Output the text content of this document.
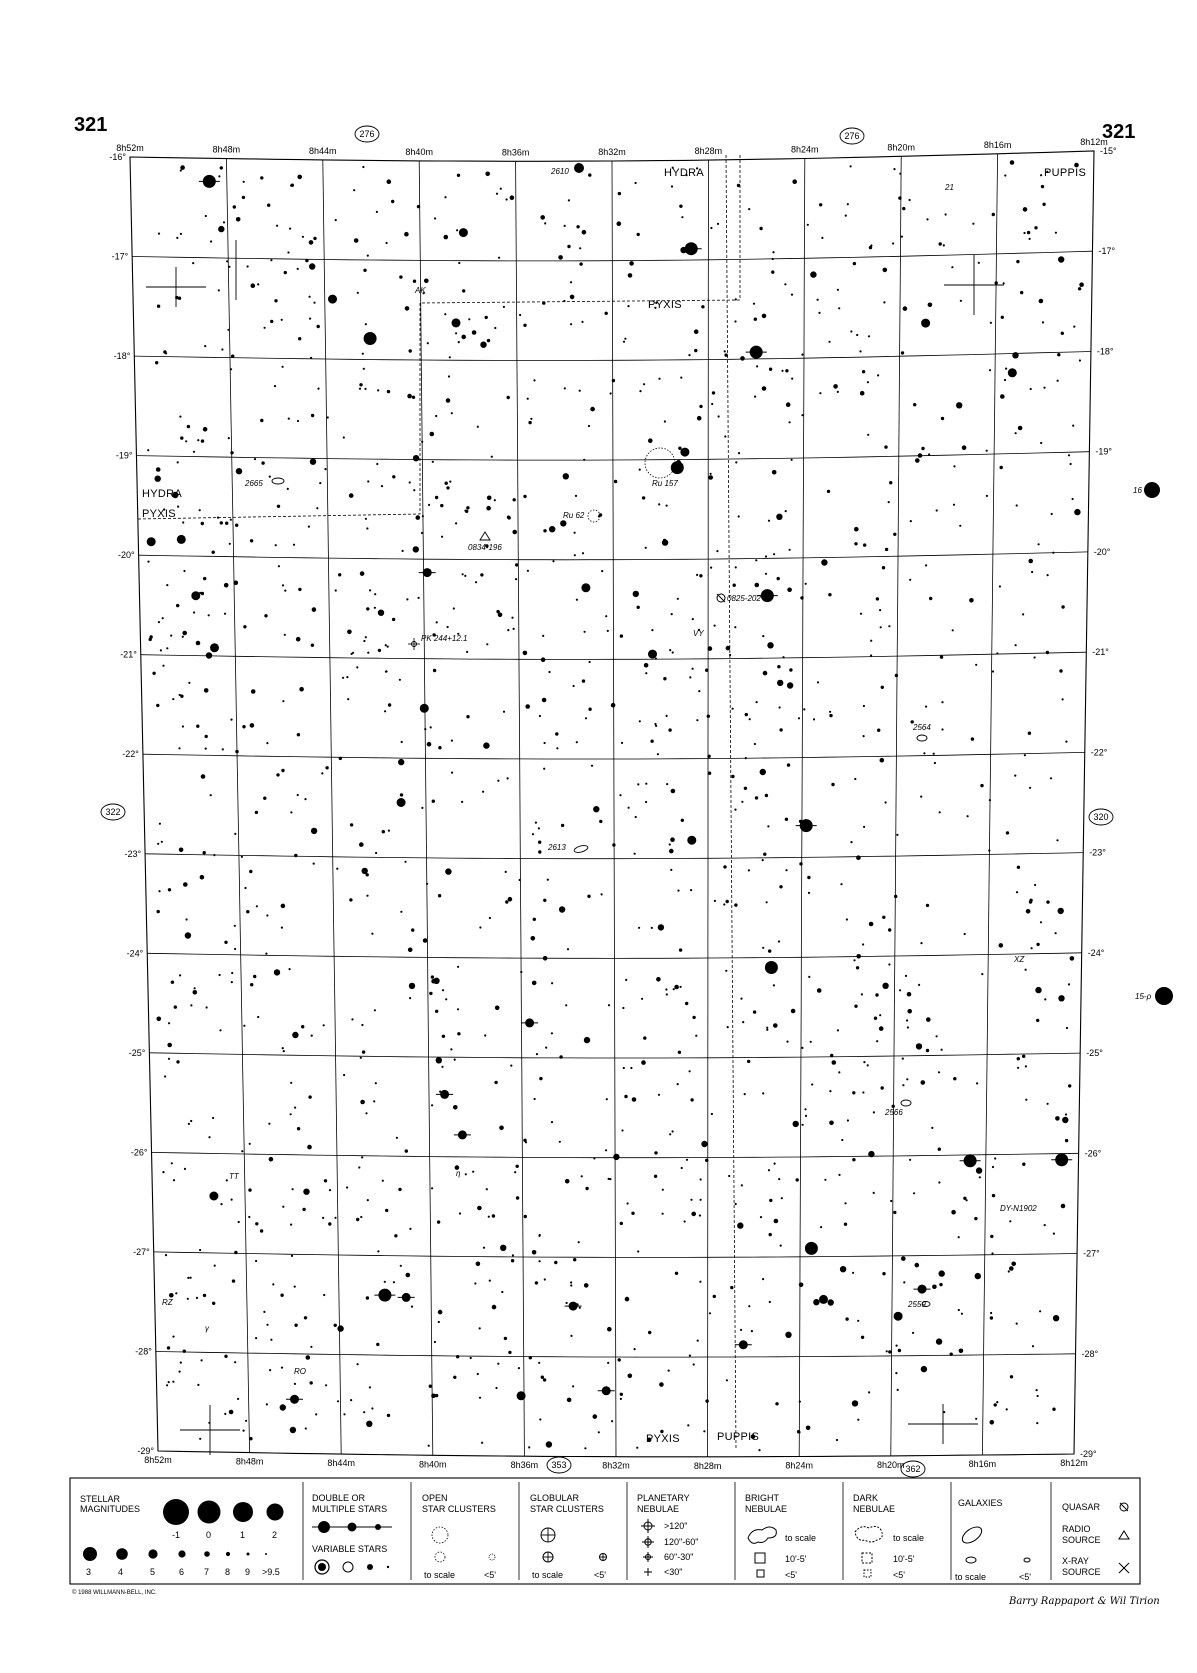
321	321
8h52m	8h48m	8h44m	8h40m	8h36m	8h32m	8h28m	8h24m	8h20m	8h16m	8h12m
8h52m	8h48m	8h44m	8h40m	8h36m	8h32m	8h28m	8h24m	8h20m	8h16m	8h12m
-16°
-17°
-18°
-19°
-20°
-21°
-22°
-23°
-24°
-25°
-26°
-27°
-28°
-29°
-15°
-17°
-18°
-19°
-20°
-21°
-22°
-23°
-24°
-25°
-26°
-27°
-28°
-29°
276	276
353	362
322	320
HYDRA	PUPPIS
PYXIS
HYDRA
PYXIS
PYXIS	PUPPIS
2610
21
AK
2665	Ru 157
Ru 62
0834-196
0825-202
VY
PK 244+12.1
2564
2613
XZ
2566
η
TT
DY-N1902
RZ
γ
2559
RO
16
15-ρ
STELLAR
MAGNITUDES
-1	0	1	2
3	4	5	6 7 8 9 >9.5
DOUBLE OR
MULTIPLE STARS
VARIABLE STARS
OPEN
STAR CLUSTERS
to scale	<5'
GLOBULAR
STAR CLUSTERS
to scale	<5'
PLANETARY
NEBULAE
>120"
120"-60"
60"-30"
<30"
BRIGHT
NEBULAE
to scale
10'-5'
<5'
DARK
NEBULAE
to scale
10'-5'
<5'
GALAXIES
to scale	<5'
QUASAR
RADIO
SOURCE
X-RAY
SOURCE
© 1988 WILLMANN-BELL, INC.
Barry Rappaport & Wil Tirion
